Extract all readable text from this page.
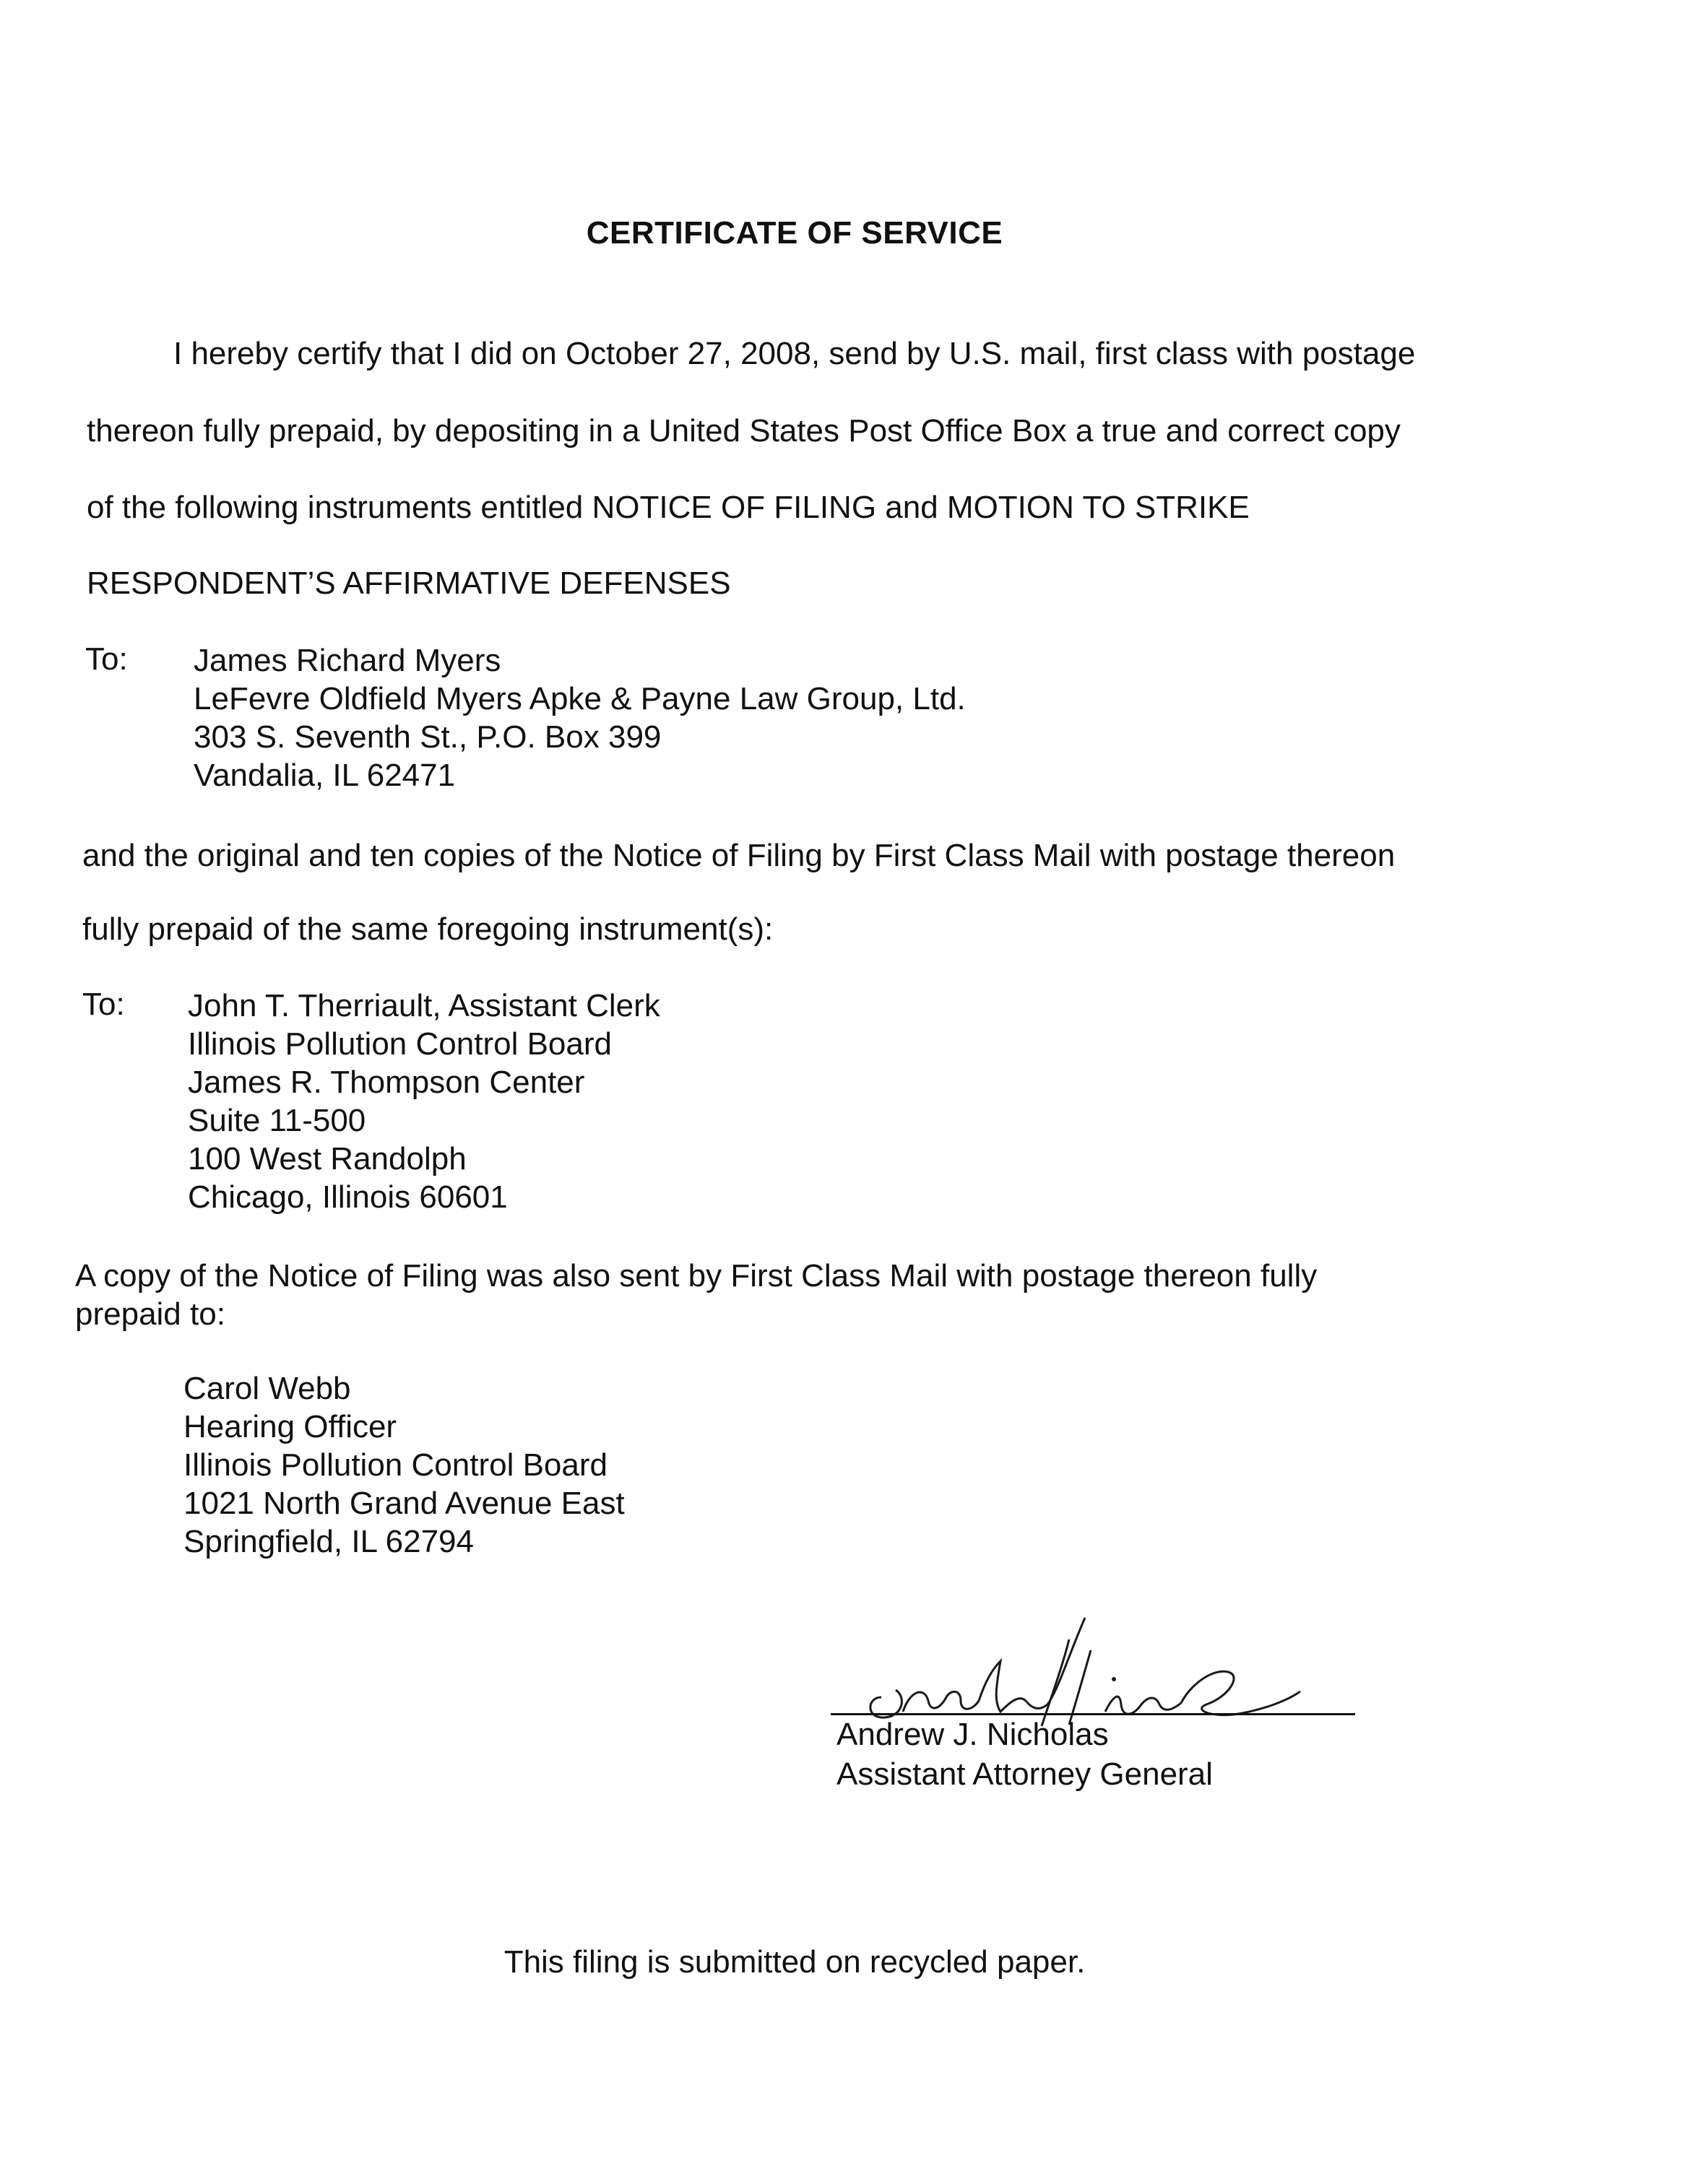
CERTIFICATE OF SERVICE
I hereby certify that I did on October 27, 2008, send by U.S. mail, first class with postage
thereon fully prepaid, by depositing in a United States Post Office Box a true and correct copy
of the following instruments entitled NOTICE OF FILING and MOTION TO STRIKE
RESPONDENT’S AFFIRMATIVE DEFENSES
To: James Richard Myers
LeFevre Oldfield Myers Apke & Payne Law Group, Ltd.
303 S. Seventh St., P.O. Box 399
Vandalia, IL 62471
and the original and ten copies of the Notice of Filing by First Class Mail with postage thereon
fully prepaid of the same foregoing instrument(s):
To: John T. Therriault, Assistant Clerk
Illinois Pollution Control Board
James R. Thompson Center
Suite 11-500
100 West Randolph
Chicago, Illinois 60601
A copy of the Notice of Filing was also sent by First Class Mail with postage thereon fully
prepaid to:
Carol Webb
Hearing Officer
Illinois Pollution Control Board
1021 North Grand Avenue East
Springfield, IL 62794
Andrew J. Nicholas
Assistant Attorney General
This filing is submitted on recycled paper.
